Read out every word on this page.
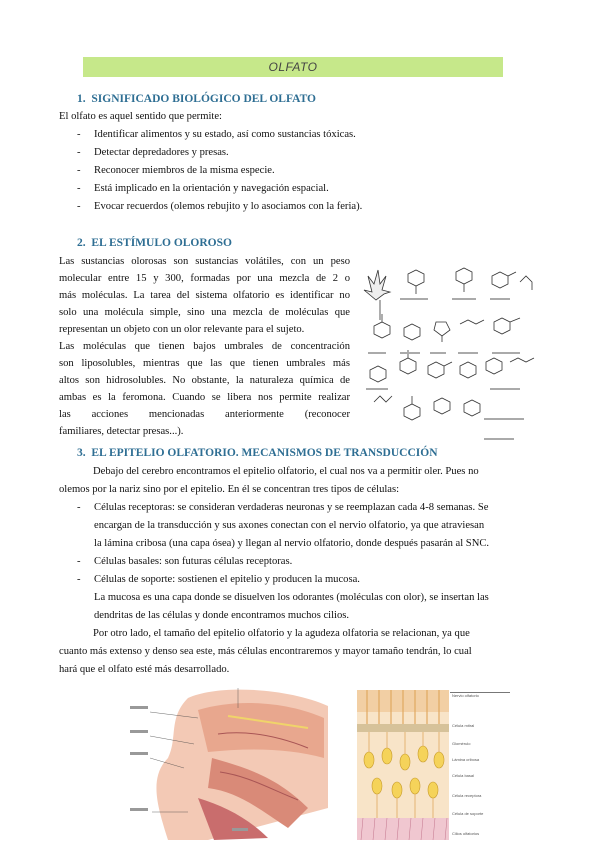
OLFATO
1.  SIGNIFICADO BIOLÓGICO DEL OLFATO
El olfato es aquel sentido que permite:
- Identificar alimentos y su estado, así como sustancias tóxicas.
- Detectar depredadores y presas.
- Reconocer miembros de la misma especie.
- Está implicado en la orientación y navegación espacial.
- Evocar recuerdos (olemos rebujito y lo asociamos con la feria).
2.  EL ESTÍMULO OLOROSO
Las sustancias olorosas son sustancias volátiles, con un peso
molecular entre 15 y 300, formadas por una mezcla de 2 o
más moléculas. La tarea del sistema olfatorio es identificar no
solo una molécula simple, sino una mezcla de moléculas que
representan un objeto con un olor relevante para el sujeto.
Las moléculas que tienen bajos umbrales de concentración
son liposolubles, mientras que las que tienen umbrales más
altos son hidrosolubles. No obstante, la naturaleza química de
ambas es la feromona. Cuando se libera nos permite realizar
las acciones mencionadas anteriormente (reconocer
familiares, detectar presas...).
3.  EL EPITELIO OLFATORIO. MECANISMOS DE TRANSDUCCIÓN
Debajo del cerebro encontramos el epitelio olfatorio, el cual nos va a permitir oler. Pues no
olemos por la nariz sino por el epitelio. En él se concentran tres tipos de células:
- Células receptoras: se consideran verdaderas neuronas y se reemplazan cada 4-8 semanas. Se
encargan de la transducción y sus axones conectan con el nervio olfatorio, ya que atraviesan
la lámina cribosa (una capa ósea) y llegan al nervio olfatorio, donde después pasarán al SNC.
- Células basales: son futuras células receptoras.
- Células de soporte: sostienen el epitelio y producen la mucosa.
La mucosa es una capa donde se disuelven los odorantes (moléculas con olor), se insertan las
dendritas de las células y donde encontramos muchos cilios.
Por otro lado, el tamaño del epitelio olfatorio y la agudeza olfatoria se relacionan, ya que
cuanto más extenso y denso sea este, más células encontraremos y mayor tamaño tendrán, lo cual
hará que el olfato esté más desarrollado.
Nervio olfatorio
Célula mitral
Glomérulo
Lámina cribosa
Célula basal
Célula receptora
Célula de soporte
Cilios olfatorios
